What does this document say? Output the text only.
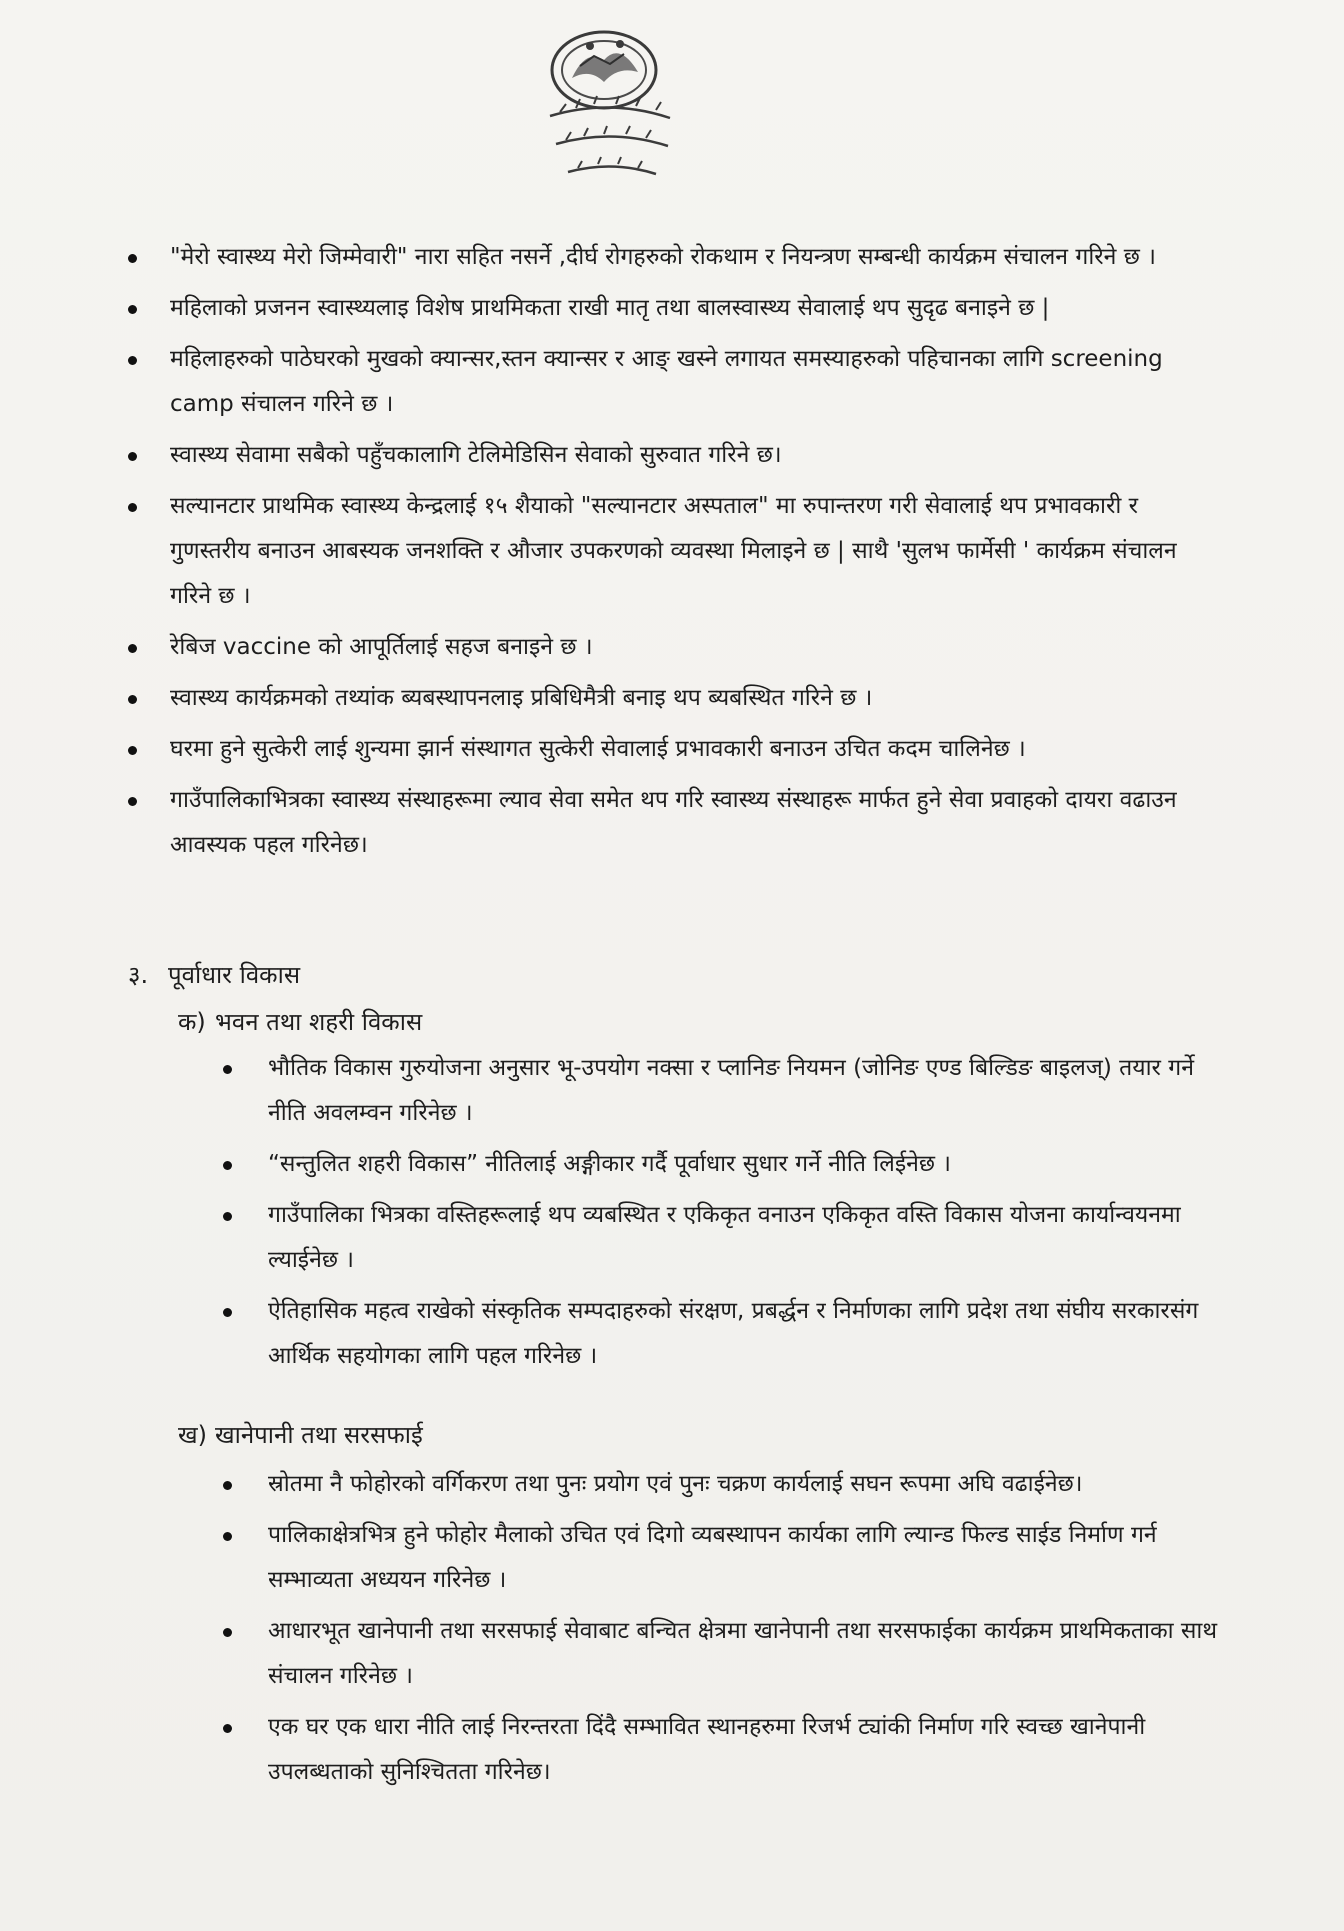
"मेरो स्वास्थ्य मेरो जिम्मेवारी" नारा सहित नसर्ने ,दीर्घ रोगहरुको रोकथाम र नियन्त्रण सम्बन्धी कार्यक्रम संचालन गरिने छ ।
महिलाको प्रजनन स्वास्थ्यलाइ विशेष प्राथमिकता राखी मातृ तथा बालस्वास्थ्य सेवालाई थप सुदृढ बनाइने छ |
महिलाहरुको पाठेघरको मुखको क्यान्सर,स्तन क्यान्सर र आङ् खस्ने लगायत समस्याहरुको पहिचानका लागि screening camp संचालन गरिने छ ।
स्वास्थ्य सेवामा सबैको पहुँचकालागि टेलिमेडिसिन सेवाको सुरुवात गरिने छ।
सल्यानटार प्राथमिक स्वास्थ्य केन्द्रलाई १५ शैयाको "सल्यानटार अस्पताल" मा रुपान्तरण गरी सेवालाई थप प्रभावकारी र गुणस्तरीय बनाउन आबस्यक जनशक्ति र औजार उपकरणको व्यवस्था मिलाइने छ | साथै 'सुलभ फार्मेसी ' कार्यक्रम संचालन गरिने छ ।
रेबिज vaccine को आपूर्तिलाई सहज बनाइने छ ।
स्वास्थ्य कार्यक्रमको तथ्यांक ब्यबस्थापनलाइ प्रबिधिमैत्री बनाइ थप ब्यबस्थित गरिने छ ।
घरमा हुने सुत्केरी लाई शुन्यमा झार्न संस्थागत सुत्केरी सेवालाई प्रभावकारी बनाउन उचित कदम चालिनेछ ।
गाउँपालिकाभित्रका स्वास्थ्य संस्थाहरूमा ल्याव सेवा समेत थप गरि स्वास्थ्य संस्थाहरू मार्फत हुने सेवा प्रवाहको दायरा वढाउन आवस्यक पहल गरिनेछ।
३. पूर्वाधार विकास
क) भवन तथा शहरी विकास
भौतिक विकास गुरुयोजना अनुसार भू-उपयोग नक्सा र प्लानिङ नियमन (जोनिङ एण्ड बिल्डिङ बाइलज्) तयार गर्ने नीति अवलम्वन गरिनेछ ।
“सन्तुलित शहरी विकास” नीतिलाई अङ्गीकार गर्दै पूर्वाधार सुधार गर्ने नीति लिईनेछ ।
गाउँपालिका भित्रका वस्तिहरूलाई थप व्यबस्थित र एकिकृत वनाउन एकिकृत वस्ति विकास योजना कार्यान्वयनमा ल्याईनेछ ।
ऐतिहासिक महत्व राखेको संस्कृतिक सम्पदाहरुको संरक्षण, प्रबर्द्धन र निर्माणका लागि प्रदेश तथा संघीय सरकारसंग आर्थिक सहयोगका लागि पहल गरिनेछ ।
ख) खानेपानी तथा सरसफाई
स्रोतमा नै फोहोरको वर्गिकरण तथा पुनः प्रयोग एवं पुनः चक्रण कार्यलाई सघन रूपमा अघि वढाईनेछ।
पालिकाक्षेत्रभित्र हुने फोहोर मैलाको उचित एवं दिगो व्यबस्थापन कार्यका लागि ल्यान्ड फिल्ड साईड निर्माण गर्न सम्भाव्यता अध्ययन गरिनेछ ।
आधारभूत खानेपानी तथा सरसफाई सेवाबाट बन्चित क्षेत्रमा खानेपानी तथा सरसफाईका कार्यक्रम प्राथमिकताका साथ संचालन गरिनेछ ।
एक घर एक धारा नीति लाई निरन्तरता दिंदै सम्भावित स्थानहरुमा रिजर्भ ट्यांकी निर्माण गरि स्वच्छ खानेपानी उपलब्धताको सुनिश्चितता गरिनेछ।
